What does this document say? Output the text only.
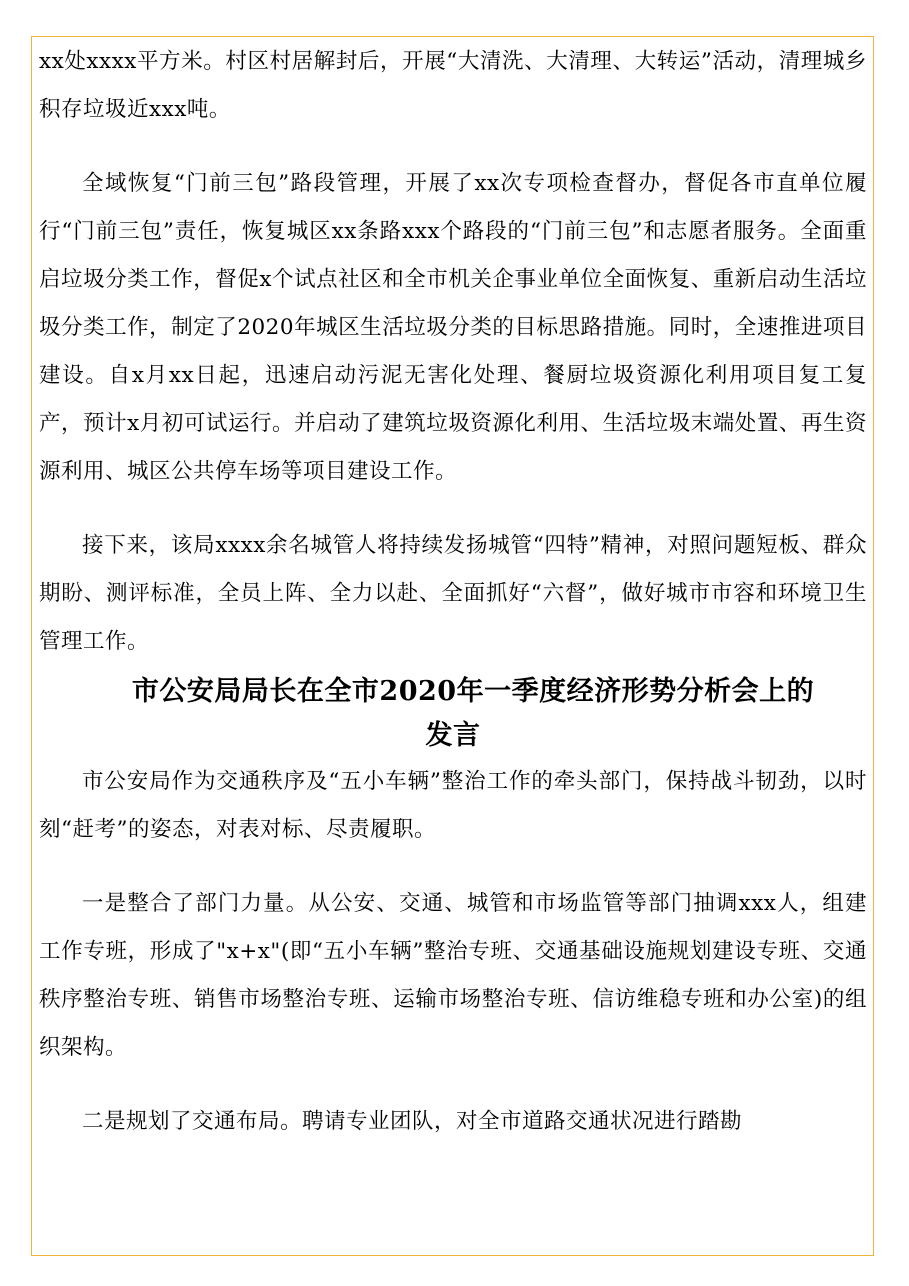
xx处xxxx平方米。村区村居解封后，开展“大清洗、大清理、大转运”活动，清理城乡积存垃圾近xxx吨。

全域恢复“门前三包”路段管理，开展了xx次专项检查督办，督促各市直单位履行“门前三包”责任，恢复城区xx条路xxx个路段的“门前三包”和志愿者服务。全面重启垃圾分类工作，督促x个试点社区和全市机关企事业单位全面恢复、重新启动生活垃圾分类工作，制定了2020年城区生活垃圾分类的目标思路措施。同时，全速推进项目建设。自x月xx日起，迅速启动污泥无害化处理、餐厨垃圾资源化利用项目复工复产，预计x月初可试运行。并启动了建筑垃圾资源化利用、生活垃圾末端处置、再生资源利用、城区公共停车场等项目建设工作。

接下来，该局xxxx余名城管人将持续发扬城管“四特”精神，对照问题短板、群众期盼、测评标准，全员上阵、全力以赴、全面抓好“六督”，做好城市市容和环境卫生管理工作。

市公安局局长在全市2020年一季度经济形势分析会上的
发言

市公安局作为交通秩序及“五小车辆”整治工作的牵头部门，保持战斗韧劲，以时刻“赶考”的姿态，对表对标、尽责履职。

一是整合了部门力量。从公安、交通、城管和市场监管等部门抽调xxx人，组建工作专班，形成了"x+x"(即“五小车辆”整治专班、交通基础设施规划建设专班、交通秩序整治专班、销售市场整治专班、运输市场整治专班、信访维稳专班和办公室)的组织架构。

二是规划了交通布局。聘请专业团队，对全市道路交通状况进行踏勘
